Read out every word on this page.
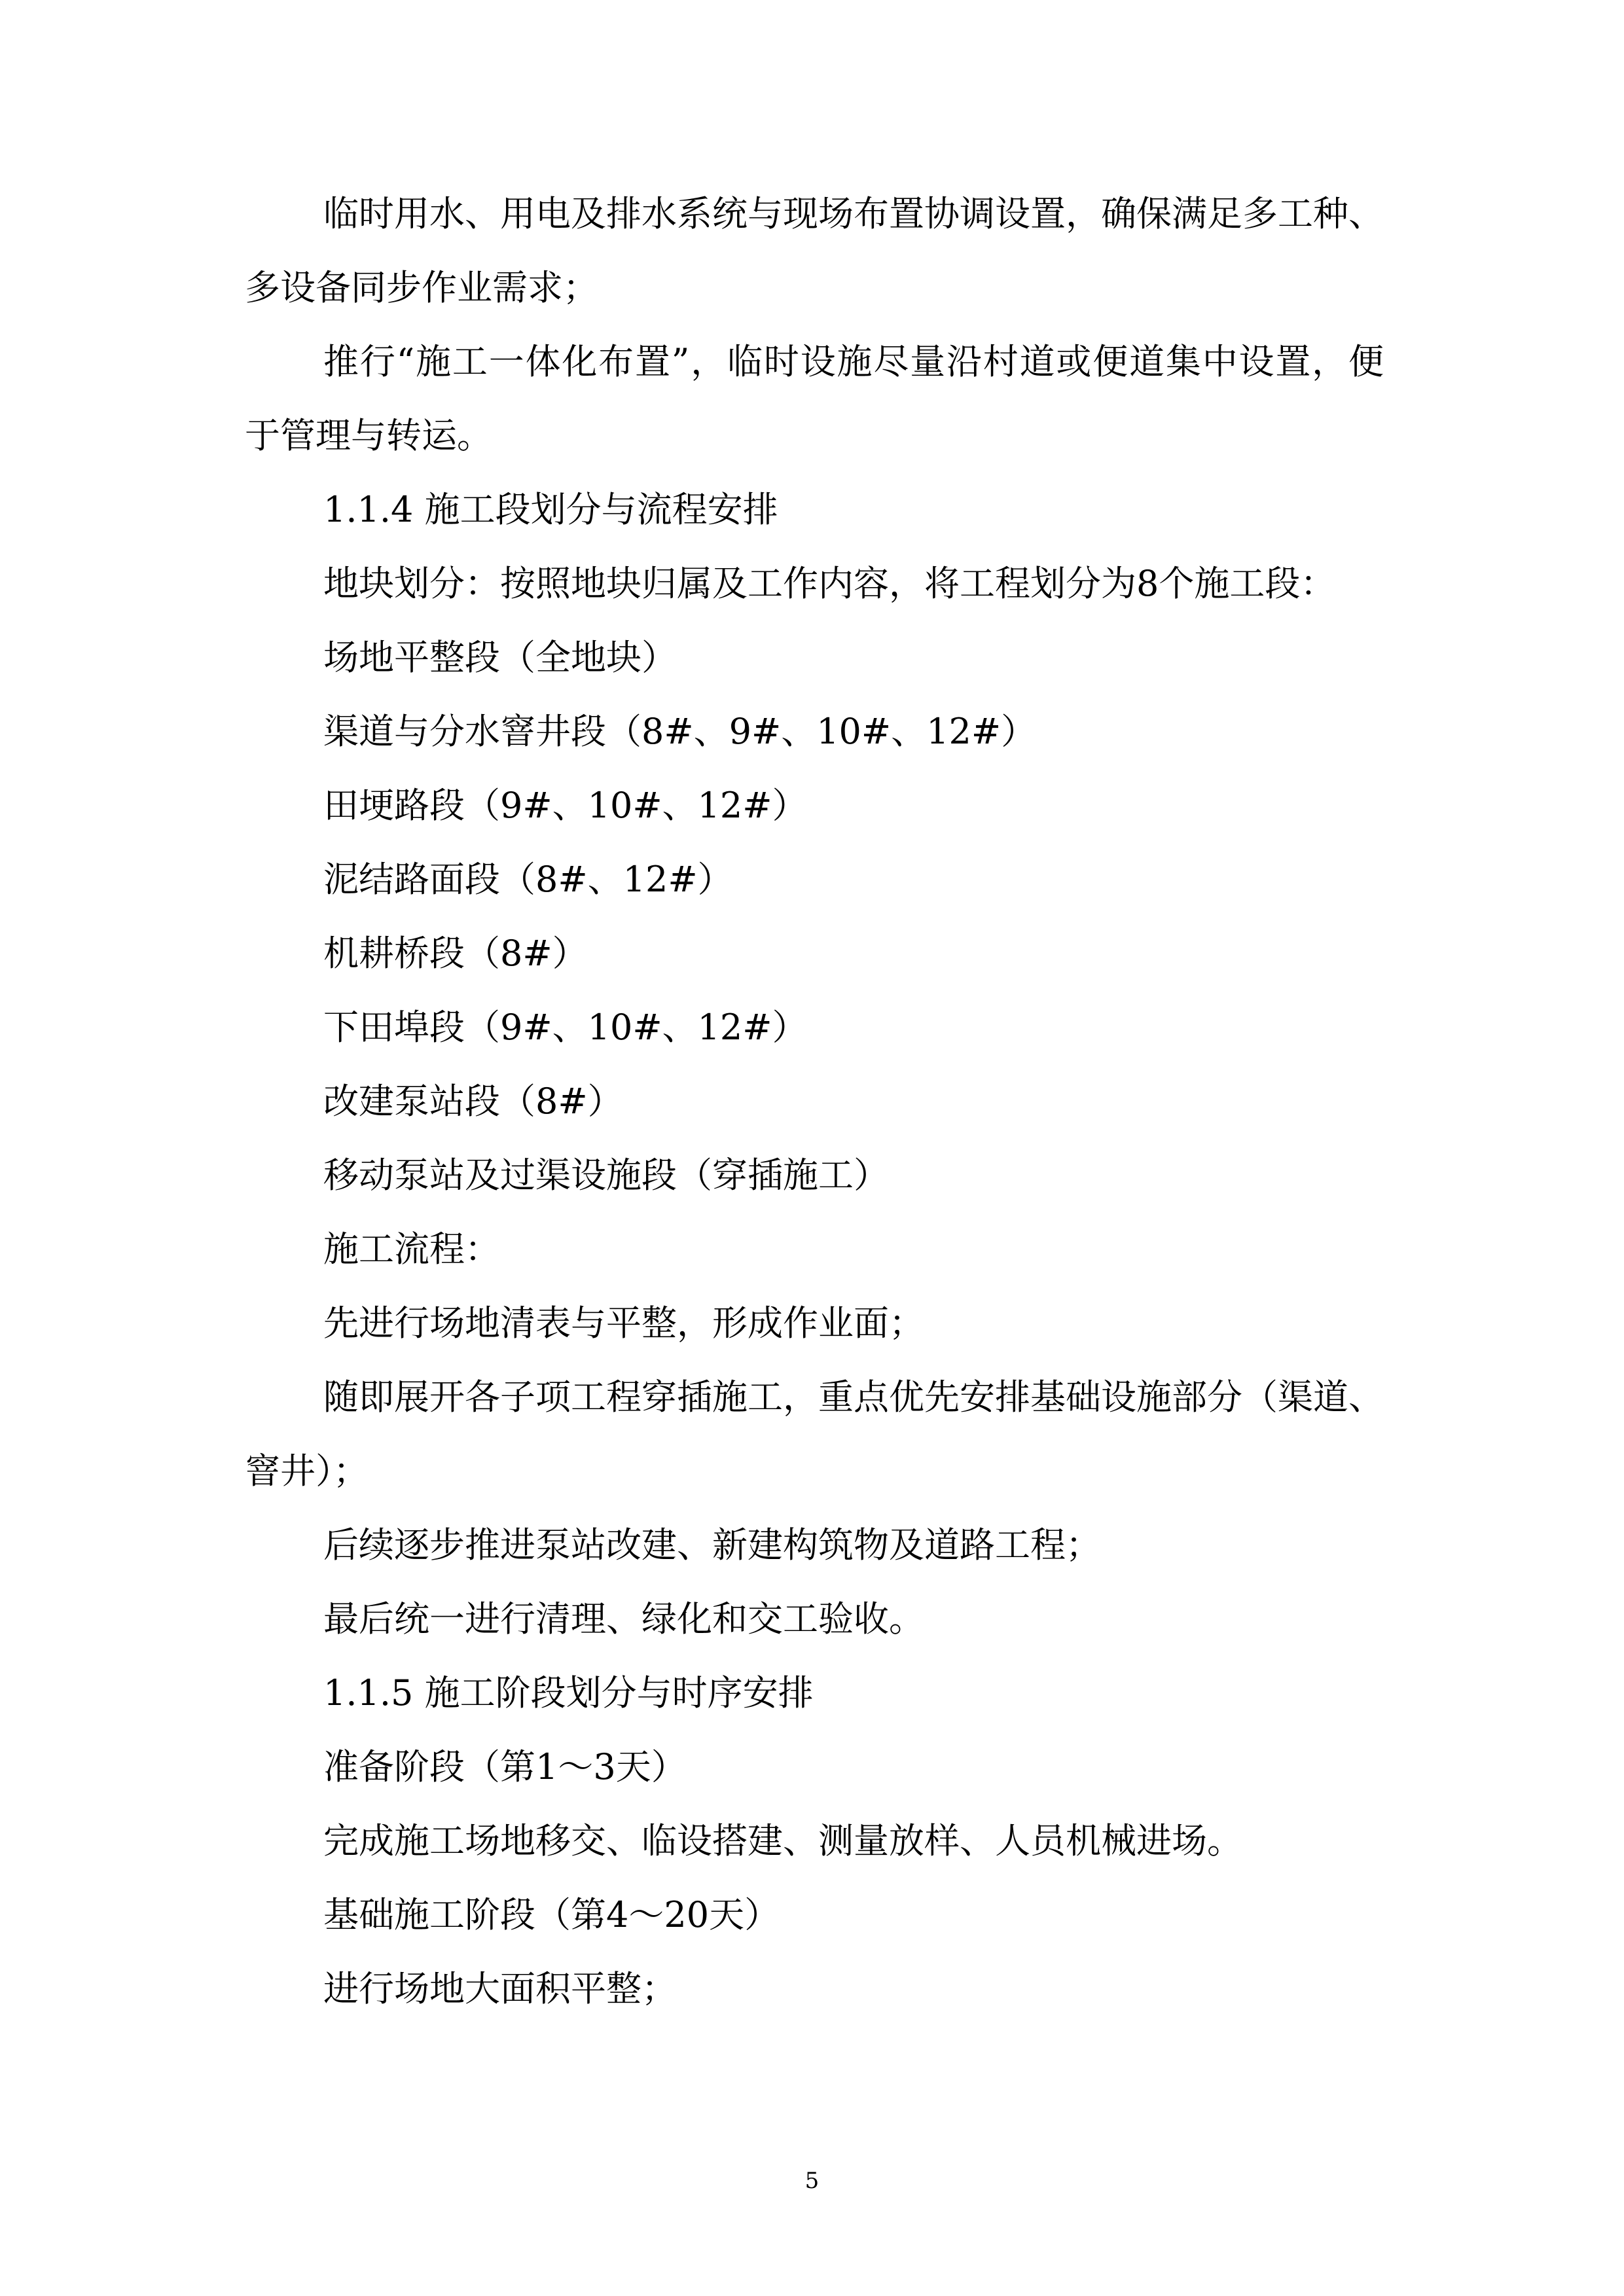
临时用水、用电及排水系统与现场布置协调设置，确保满足多工种、多设备同步作业需求；

推行“施工一体化布置”，临时设施尽量沿村道或便道集中设置，便于管理与转运。

1.1.4 施工段划分与流程安排

地块划分：按照地块归属及工作内容，将工程划分为8个施工段：

场地平整段（全地块）

渠道与分水窨井段（8#、9#、10#、12#）

田埂路段（9#、10#、12#）

泥结路面段（8#、12#）

机耕桥段（8#）

下田埠段（9#、10#、12#）

改建泵站段（8#）

移动泵站及过渠设施段（穿插施工）

施工流程：

先进行场地清表与平整，形成作业面；

随即展开各子项工程穿插施工，重点优先安排基础设施部分（渠道、窨井）；

后续逐步推进泵站改建、新建构筑物及道路工程；

最后统一进行清理、绿化和交工验收。

1.1.5 施工阶段划分与时序安排

准备阶段（第1～3天）

完成施工场地移交、临设搭建、测量放样、人员机械进场。

基础施工阶段（第4～20天）

进行场地大面积平整；

5
